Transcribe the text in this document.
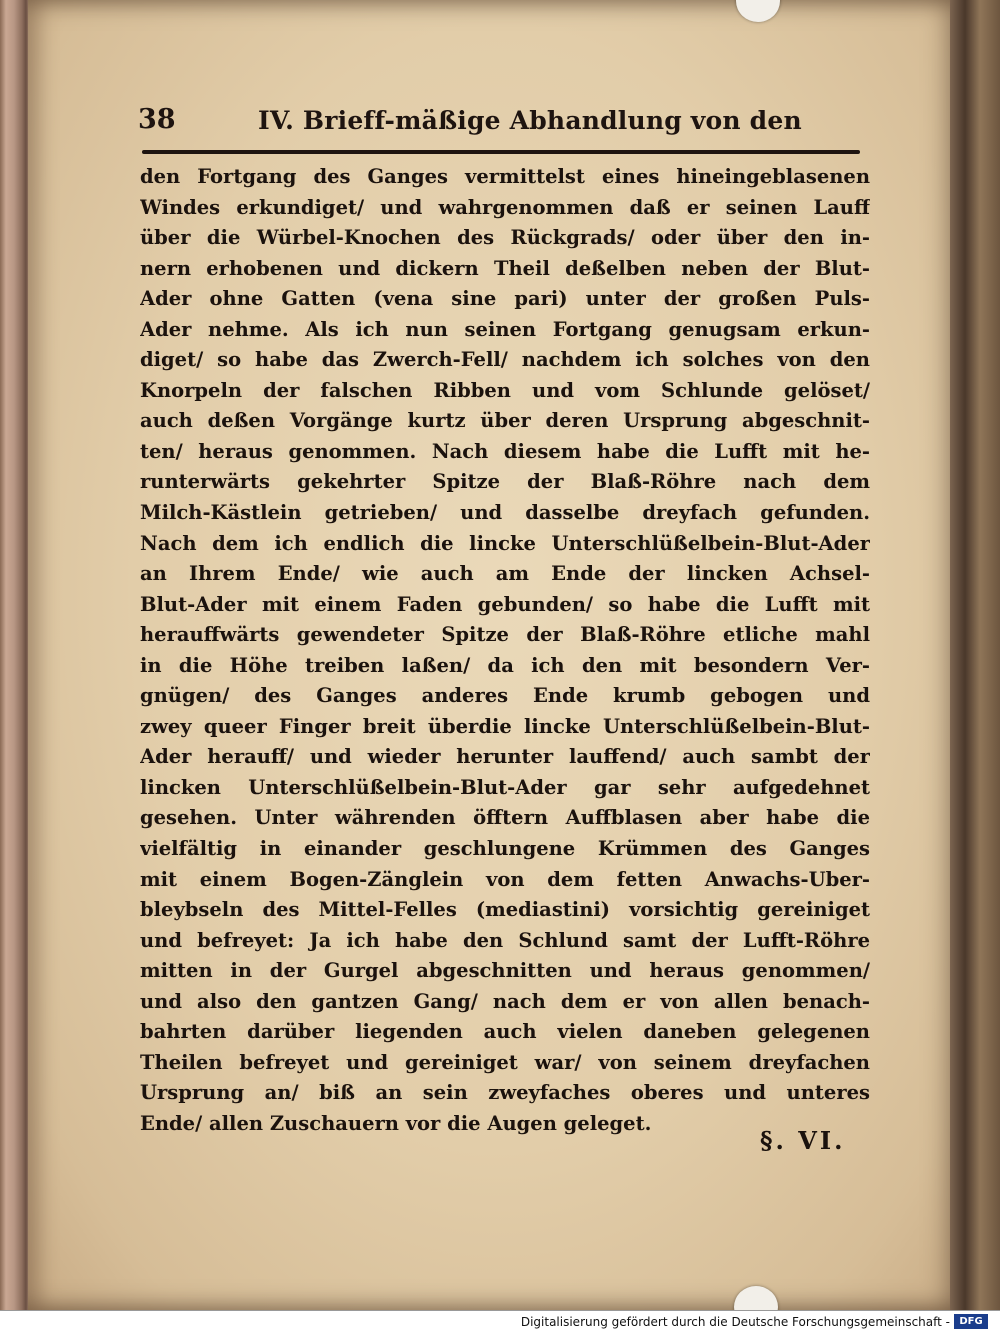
38	IV. Brieff-mäßige Abhandlung von den
den Fortgang des Ganges vermittelst eines hineingeblasenen
Windes erkundiget/ und wahrgenommen daß er seinen Lauff
über die Würbel-Knochen des Rückgrads/ oder über den in-
nern erhobenen und dickern Theil deßelben neben der Blut-
Ader ohne Gatten (vena sine pari) unter der großen Puls-
Ader nehme. Als ich nun seinen Fortgang genugsam erkun-
diget/ so habe das Zwerch-Fell/ nachdem ich solches von den
Knorpeln der falschen Ribben und vom Schlunde gelöset/
auch deßen Vorgänge kurtz über deren Ursprung abgeschnit-
ten/ heraus genommen. Nach diesem habe die Lufft mit he-
runterwärts gekehrter Spitze der Blaß-Röhre nach dem
Milch-Kästlein getrieben/ und dasselbe dreyfach gefunden.
Nach dem ich endlich die lincke Unterschlüßelbein-Blut-Ader
an Ihrem Ende/ wie auch am Ende der lincken Achsel-
Blut-Ader mit einem Faden gebunden/ so habe die Lufft mit
herauffwärts gewendeter Spitze der Blaß-Röhre etliche mahl
in die Höhe treiben laßen/ da ich den mit besondern Ver-
gnügen/ des Ganges anderes Ende krumb gebogen und
zwey queer Finger breit überdie lincke Unterschlüßelbein-Blut-
Ader herauff/ und wieder herunter lauffend/ auch sambt der
lincken Unterschlüßelbein-Blut-Ader gar sehr aufgedehnet
gesehen. Unter währenden öfftern Auffblasen aber habe die
vielfältig in einander geschlungene Krümmen des Ganges
mit einem Bogen-Zänglein von dem fetten Anwachs-Uber-
bleybseln des Mittel-Felles (mediastini) vorsichtig gereiniget
und befreyet: Ja ich habe den Schlund samt der Lufft-Röhre
mitten in der Gurgel abgeschnitten und heraus genommen/
und also den gantzen Gang/ nach dem er von allen benach-
bahrten darüber liegenden auch vielen daneben gelegenen
Theilen befreyet und gereiniget war/ von seinem dreyfachen
Ursprung an/ biß an sein zweyfaches oberes und unteres
Ende/ allen Zuschauern vor die Augen geleget.
§. VI.
Digitalisierung gefördert durch die Deutsche Forschungsgemeinschaft - DFG
